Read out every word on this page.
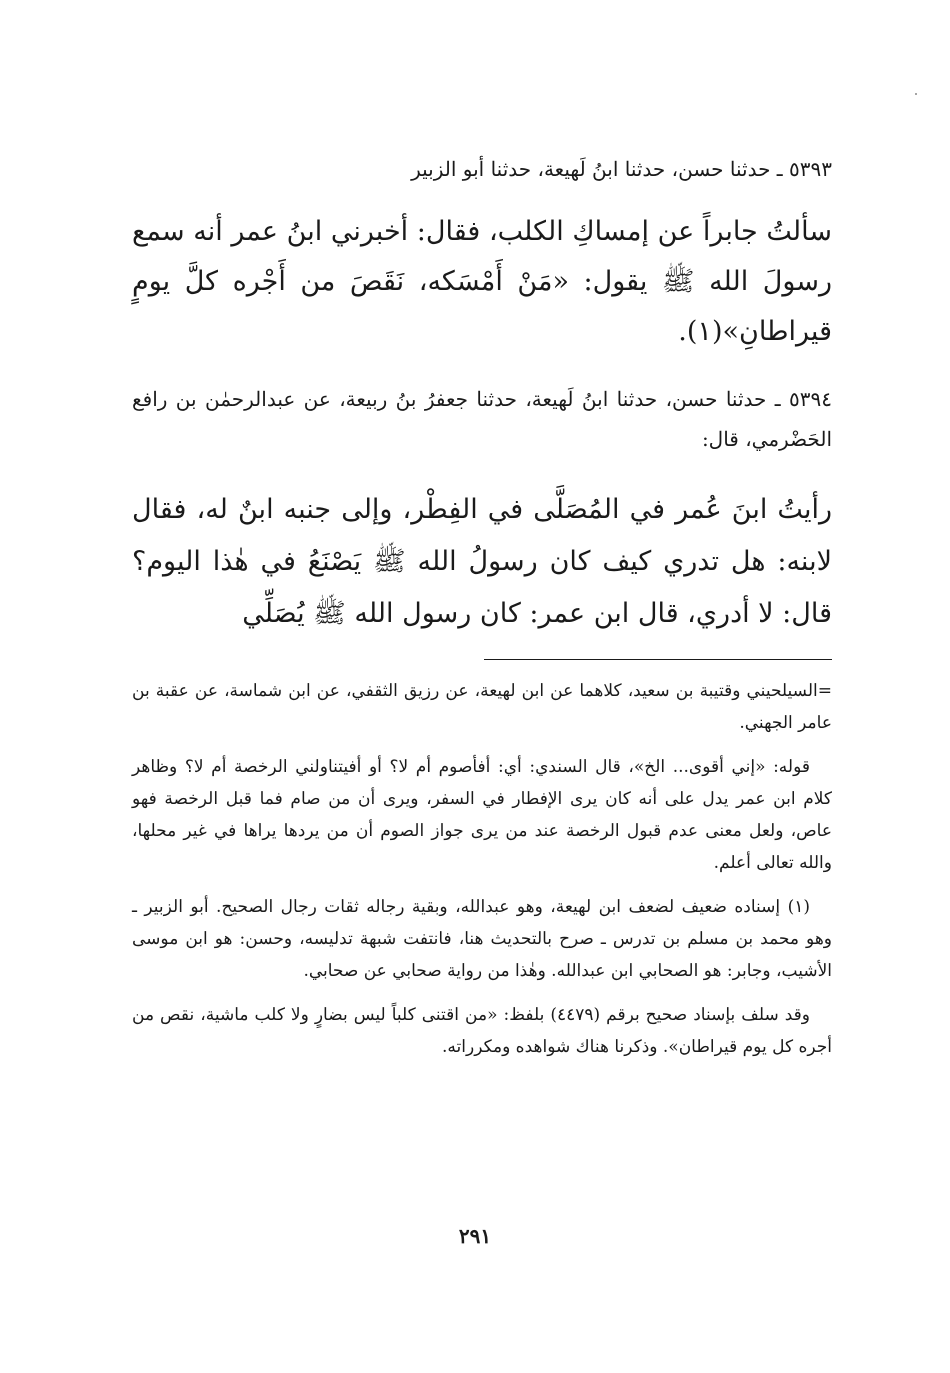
٥٣٩٣ ـ حدثنا حسن، حدثنا ابنُ لَهيعة، حدثنا أبو الزبير
سألتُ جابراً عن إمساكِ الكلب، فقال: أخبرني ابنُ عمر أنه سمع رسولَ الله ﷺ يقول: «مَنْ أَمْسَكه، نَقَصَ من أَجْره كلَّ يومٍ قيراطانِ»(١).
٥٣٩٤ ـ حدثنا حسن، حدثنا ابنُ لَهيعة، حدثنا جعفرُ بنُ ربيعة، عن عبدالرحمٰن بن رافع الحَضْرمي، قال:
رأيتُ ابنَ عُمر في المُصَلَّى في الفِطْر، وإلى جنبه ابنٌ له، فقال لابنه: هل تدري كيف كان رسولُ الله ﷺ يَصْنَعُ في هٰذا اليوم؟ قال: لا أدري، قال ابن عمر: كان رسول الله ﷺ يُصَلِّي

=السيلحيني وقتيبة بن سعيد، كلاهما عن ابن لهيعة، عن رزيق الثقفي، عن ابن شماسة، عن عقبة بن عامر الجهني.

قوله: «إني أقوى... الخ»، قال السندي: أي: أفأصوم أم لا؟ أو أفيتناولني الرخصة أم لا؟ وظاهر كلام ابن عمر يدل على أنه كان يرى الإفطار في السفر، ويرى أن من صام فما قبل الرخصة فهو عاص، ولعل معنى عدم قبول الرخصة عند من يرى جواز الصوم أن من يردها يراها في غير محلها، والله تعالى أعلم.

(١) إسناده ضعيف لضعف ابن لهيعة، وهو عبدالله، وبقية رجاله ثقات رجال الصحيح. أبو الزبير ـ وهو محمد بن مسلم بن تدرس ـ صرح بالتحديث هنا، فانتفت شبهة تدليسه، وحسن: هو ابن موسى الأشيب، وجابر: هو الصحابي ابن عبدالله. وهٰذا من رواية صحابي عن صحابي.

وقد سلف بإسناد صحيح برقم (٤٤٧٩) بلفظ: «من اقتنى كلباً ليس بضارٍ ولا كلب ماشية، نقص من أجره كل يوم قيراطان». وذكرنا هناك شواهده ومكرراته.

٢٩١
